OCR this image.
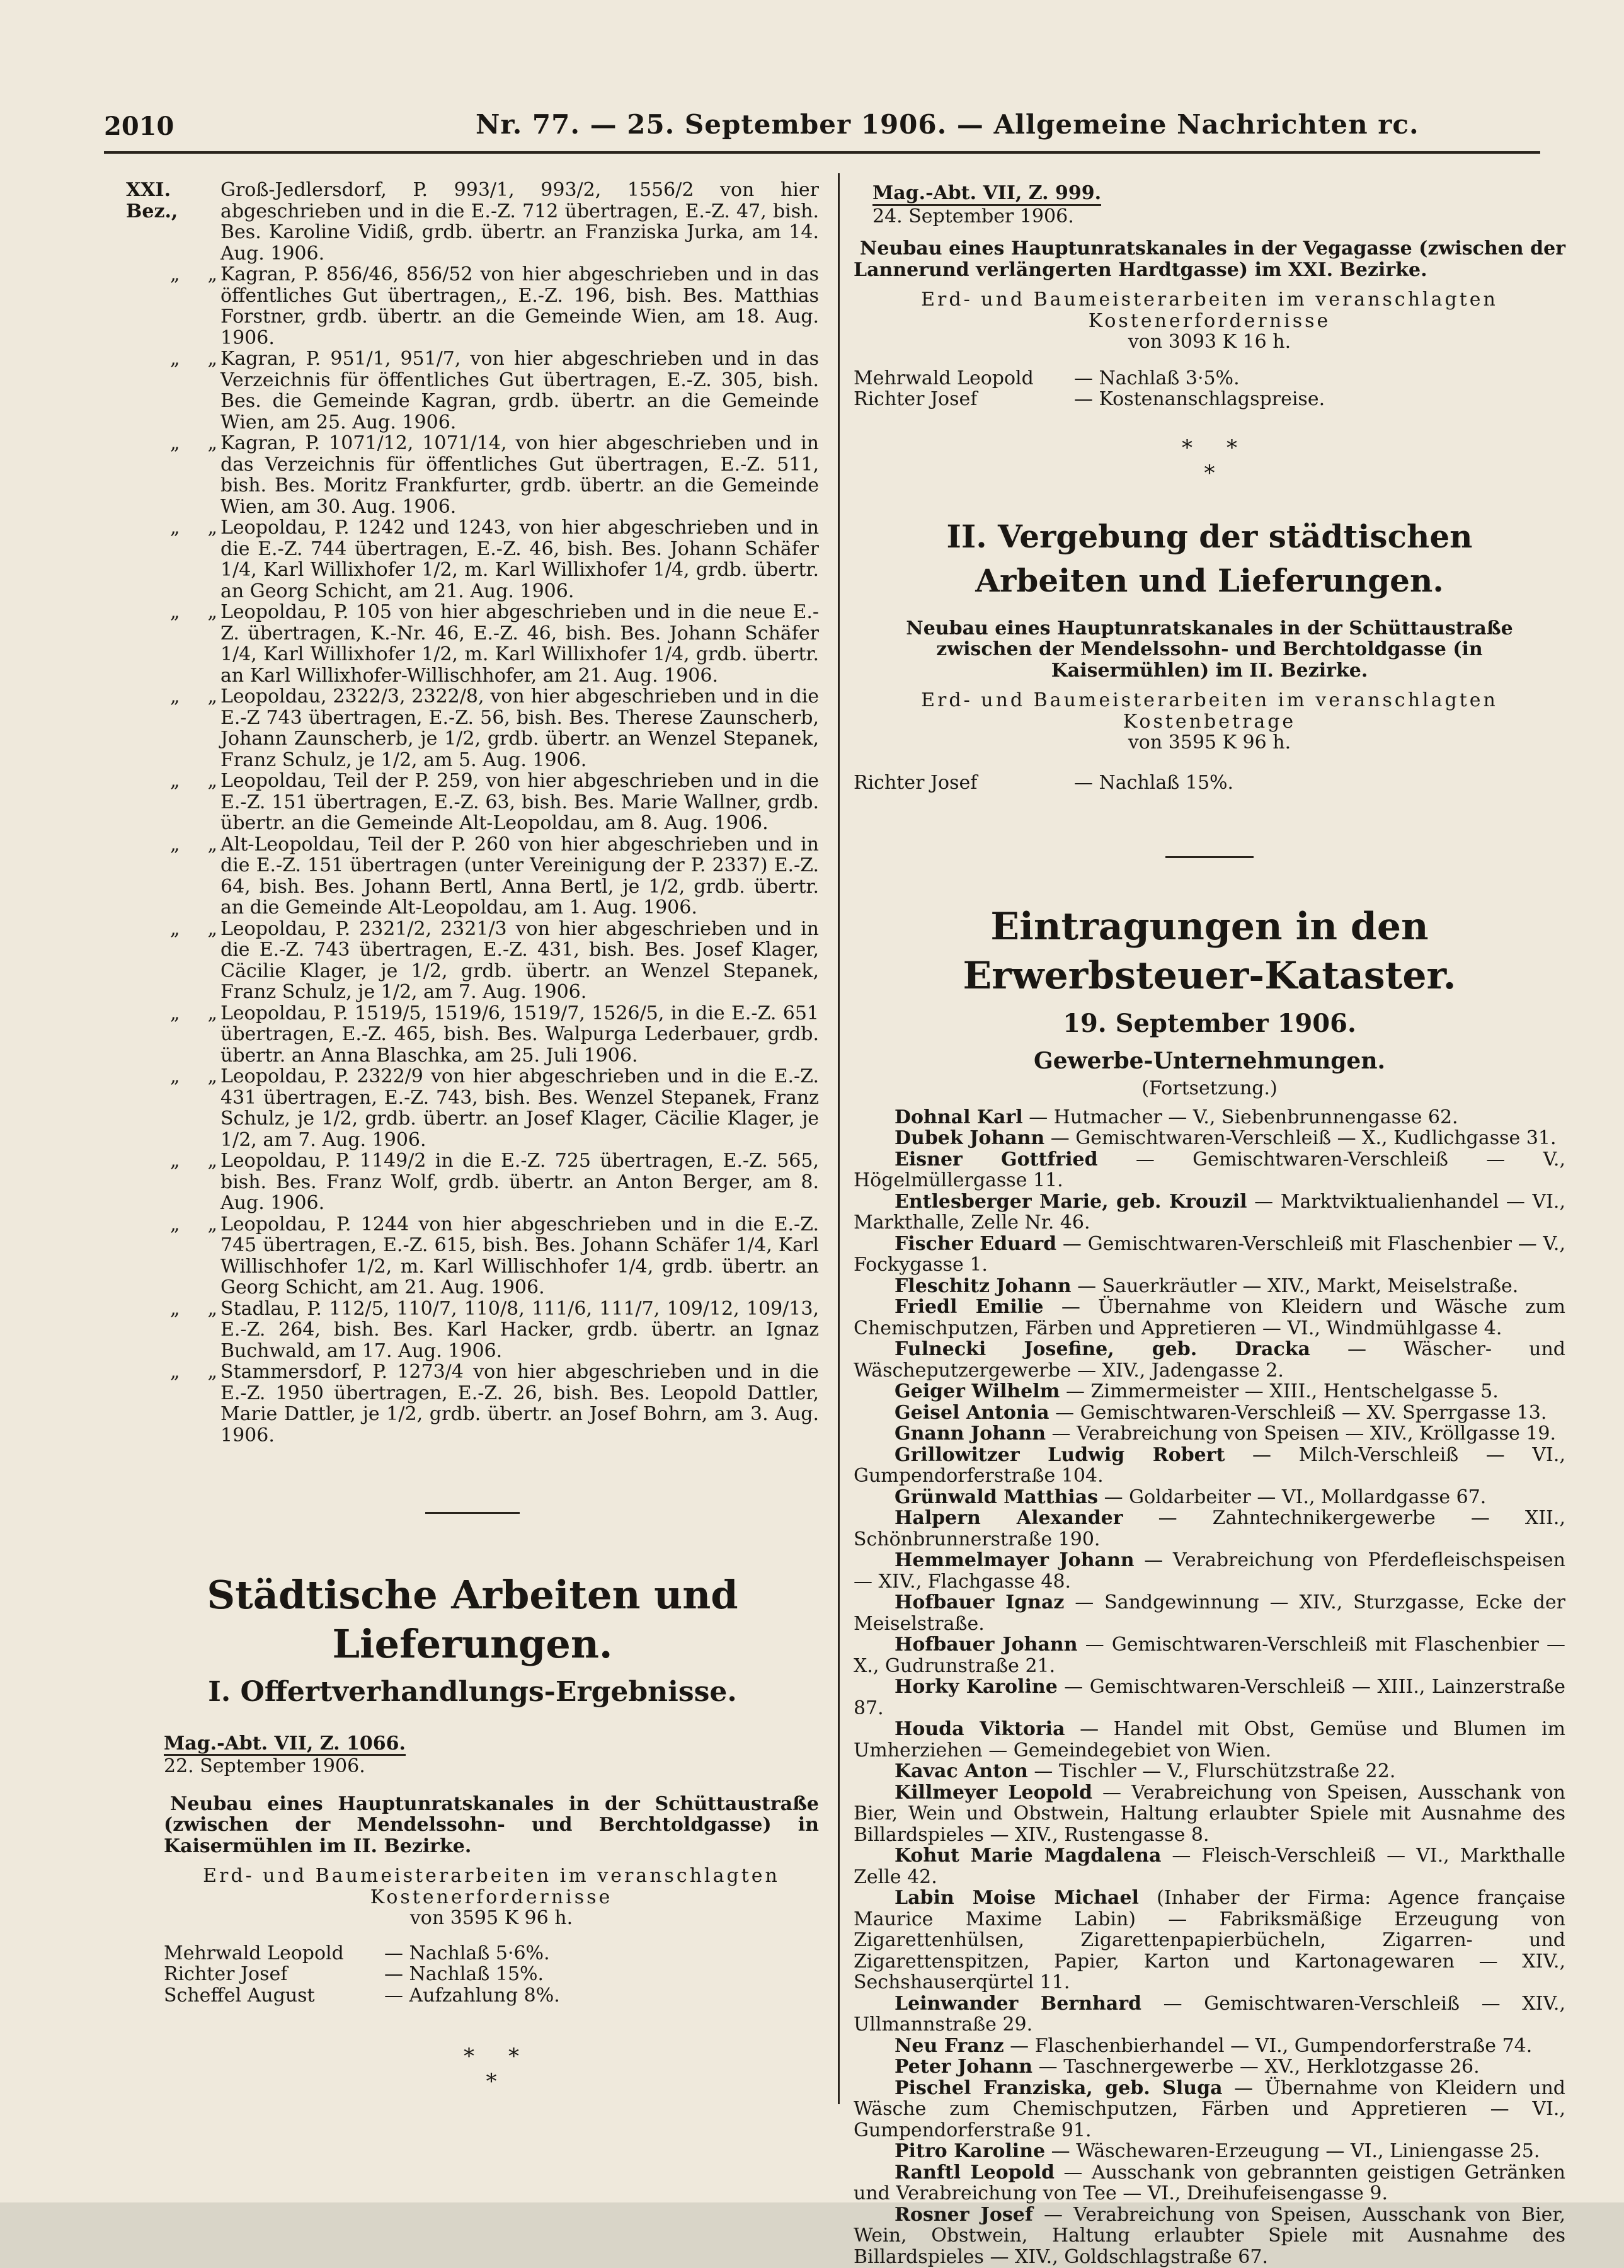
2010	Nr. 77. — 25. September 1906. — Allgemeine Nachrichten rc.
XXI. Bez.,
Groß-Jedlersdorf, P. 993/1, 993/2, 1556/2 von hier abgeschrieben und in die E.-Z. 712 übertragen, E.-Z. 47, bish. Bes. Karoline Vidiß, grdb. übertr. an Franziska Jurka, am 14. Aug. 1906.
„ „ Kagran, P. 856/46, 856/52 von hier abgeschrieben und in das öffentliches Gut übertragen,, E.-Z. 196, bish. Bes. Matthias Forstner, grdb. übertr. an die Gemeinde Wien, am 18. Aug. 1906.
„ „ Kagran, P. 951/1, 951/7, von hier abgeschrieben und in das Verzeichnis für öffentliches Gut übertragen, E.-Z. 305, bish. Bes. die Gemeinde Kagran, grdb. übertr. an die Gemeinde Wien, am 25. Aug. 1906.
„ „ Kagran, P. 1071/12, 1071/14, von hier abgeschrieben und in das Verzeichnis für öffentliches Gut übertragen, E.-Z. 511, bish. Bes. Moritz Frankfurter, grdb. übertr. an die Gemeinde Wien, am 30. Aug. 1906.
„ „ Leopoldau, P. 1242 und 1243, von hier abgeschrieben und in die E.-Z. 744 übertragen, E.-Z. 46, bish. Bes. Johann Schäfer 1/4, Karl Willixhofer 1/2, m. Karl Willixhofer 1/4, grdb. übertr. an Georg Schicht, am 21. Aug. 1906.
„ „ Leopoldau, P. 105 von hier abgeschrieben und in die neue E.-Z. übertragen, K.-Nr. 46, E.-Z. 46, bish. Bes. Johann Schäfer 1/4, Karl Willixhofer 1/2, m. Karl Willixhofer 1/4, grdb. übertr. an Karl Willixhofer-Willischhofer, am 21. Aug. 1906.
„ „ Leopoldau, 2322/3, 2322/8, von hier abgeschrieben und in die E.-Z 743 übertragen, E.-Z. 56, bish. Bes. Therese Zaunscherb, Johann Zaunscherb, je 1/2, grdb. übertr. an Wenzel Stepanek, Franz Schulz, je 1/2, am 5. Aug. 1906.
„ „ Leopoldau, Teil der P. 259, von hier abgeschrieben und in die E.-Z. 151 übertragen, E.-Z. 63, bish. Bes. Marie Wallner, grdb. übertr. an die Gemeinde Alt-Leopoldau, am 8. Aug. 1906.
„ „ Alt-Leopoldau, Teil der P. 260 von hier abgeschrieben und in die E.-Z. 151 übertragen (unter Vereinigung der P. 2337) E.-Z. 64, bish. Bes. Johann Bertl, Anna Bertl, je 1/2, grdb. übertr. an die Gemeinde Alt-Leopoldau, am 1. Aug. 1906.
„ „ Leopoldau, P. 2321/2, 2321/3 von hier abgeschrieben und in die E.-Z. 743 übertragen, E.-Z. 431, bish. Bes. Josef Klager, Cäcilie Klager, je 1/2, grdb. übertr. an Wenzel Stepanek, Franz Schulz, je 1/2, am 7. Aug. 1906.
„ „ Leopoldau, P. 1519/5, 1519/6, 1519/7, 1526/5, in die E.-Z. 651 übertragen, E.-Z. 465, bish. Bes. Walpurga Lederbauer, grdb. übertr. an Anna Blaschka, am 25. Juli 1906.
„ „ Leopoldau, P. 2322/9 von hier abgeschrieben und in die E.-Z. 431 übertragen, E.-Z. 743, bish. Bes. Wenzel Stepanek, Franz Schulz, je 1/2, grdb. übertr. an Josef Klager, Cäcilie Klager, je 1/2, am 7. Aug. 1906.
„ „ Leopoldau, P. 1149/2 in die E.-Z. 725 übertragen, E.-Z. 565, bish. Bes. Franz Wolf, grdb. übertr. an Anton Berger, am 8. Aug. 1906.
„ „ Leopoldau, P. 1244 von hier abgeschrieben und in die E.-Z. 745 übertragen, E.-Z. 615, bish. Bes. Johann Schäfer 1/4, Karl Willischhofer 1/2, m. Karl Willischhofer 1/4, grdb. übertr. an Georg Schicht, am 21. Aug. 1906.
„ „ Stadlau, P. 112/5, 110/7, 110/8, 111/6, 111/7, 109/12, 109/13, E.-Z. 264, bish. Bes. Karl Hacker, grdb. übertr. an Ignaz Buchwald, am 17. Aug. 1906.
„ „ Stammersdorf, P. 1273/4 von hier abgeschrieben und in die E.-Z. 1950 übertragen, E.-Z. 26, bish. Bes. Leopold Dattler, Marie Dattler, je 1/2, grdb. übertr. an Josef Bohrn, am 3. Aug. 1906.
Städtische Arbeiten und Lieferungen.
I. Offertverhandlungs-Ergebnisse.
Mag.-Abt. VII, Z. 1066.
22. September 1906.
Neubau eines Hauptunratskanales in der Schüttaustraße (zwischen der Mendelssohn- und Berchtoldgasse) in Kaisermühlen im II. Bezirke.
Erd- und Baumeisterarbeiten im veranschlagten Kostenerfordernisse
von 3595 K 96 h.
Mehrwald Leopold	— Nachlaß 5·6%.
Richter Josef	— Nachlaß 15%.
Scheffel August	— Aufzahlung 8%.
*     *
*
Mag.-Abt. VII, Z. 999.
24. September 1906.
Neubau eines Hauptunratskanales in der Vegagasse (zwischen der Lannerund verlängerten Hardtgasse) im XXI. Bezirke.
Erd- und Baumeisterarbeiten im veranschlagten Kostenerfordernisse
von 3093 K 16 h.
Mehrwald Leopold	— Nachlaß 3·5%.
Richter Josef	— Kostenanschlagspreise.
*     *
*
II. Vergebung der städtischen Arbeiten und Lieferungen.
Neubau eines Hauptunratskanales in der Schüttaustraße zwischen der Mendelssohn- und Berchtoldgasse (in Kaisermühlen) im II. Bezirke.
Erd- und Baumeisterarbeiten im veranschlagten Kostenbetrage
von 3595 K 96 h.
Richter Josef	— Nachlaß 15%.
Eintragungen in den Erwerbsteuer-Kataster.
19. September 1906.
Gewerbe-Unternehmungen.
(Fortsetzung.)

Dohnal Karl — Hutmacher — V., Siebenbrunnengasse 62.

Dubek Johann — Gemischtwaren-Verschleiß — X., Kudlichgasse 31.

Eisner Gottfried — Gemischtwaren-Verschleiß — V., Högelmüllergasse 11.

Entlesberger Marie, geb. Krouzil — Marktviktualienhandel — VI., Markthalle, Zelle Nr. 46.

Fischer Eduard — Gemischtwaren-Verschleiß mit Flaschenbier — V., Fockygasse 1.

Fleschitz Johann — Sauerkräutler — XIV., Markt, Meiselstraße.

Friedl Emilie — Übernahme von Kleidern und Wäsche zum Chemischputzen, Färben und Appretieren — VI., Windmühlgasse 4.

Fulnecki Josefine, geb. Dracka — Wäscher- und Wäscheputzergewerbe — XIV., Jadengasse 2.

Geiger Wilhelm — Zimmermeister — XIII., Hentschelgasse 5.

Geisel Antonia — Gemischtwaren-Verschleiß — XV. Sperrgasse 13.

Gnann Johann — Verabreichung von Speisen — XIV., Kröllgasse 19.

Grillowitzer Ludwig Robert — Milch-Verschleiß — VI., Gumpendorferstraße 104.

Grünwald Matthias — Goldarbeiter — VI., Mollardgasse 67.

Halpern Alexander — Zahntechnikergewerbe — XII., Schönbrunnerstraße 190.

Hemmelmayer Johann — Verabreichung von Pferdefleischspeisen — XIV., Flachgasse 48.

Hofbauer Ignaz — Sandgewinnung — XIV., Sturzgasse, Ecke der Meiselstraße.

Hofbauer Johann — Gemischtwaren-Verschleiß mit Flaschenbier — X., Gudrunstraße 21.

Horky Karoline — Gemischtwaren-Verschleiß — XIII., Lainzerstraße 87.

Houda Viktoria — Handel mit Obst, Gemüse und Blumen im Umherziehen — Gemeindegebiet von Wien.

Kavac Anton — Tischler — V., Flurschützstraße 22.

Killmeyer Leopold — Verabreichung von Speisen, Ausschank von Bier, Wein und Obstwein, Haltung erlaubter Spiele mit Ausnahme des Billardspieles — XIV., Rustengasse 8.

Kohut Marie Magdalena — Fleisch-Verschleiß — VI., Markthalle Zelle 42.

Labin Moise Michael (Inhaber der Firma: Agence française Maurice Maxime Labin) — Fabriksmäßige Erzeugung von Zigarettenhülsen, Zigarettenpapierbücheln, Zigarren- und Zigarettenspitzen, Papier, Karton und Kartonagewaren — XIV., Sechshauserqürtel 11.

Leinwander Bernhard — Gemischtwaren-Verschleiß — XIV., Ullmannstraße 29.

Neu Franz — Flaschenbierhandel — VI., Gumpendorferstraße 74.

Peter Johann — Taschnergewerbe — XV., Herklotzgasse 26.

Pischel Franziska, geb. Sluga — Übernahme von Kleidern und Wäsche zum Chemischputzen, Färben und Appretieren — VI., Gumpendorferstraße 91.

Pitro Karoline — Wäschewaren-Erzeugung — VI., Liniengasse 25.

Ranftl Leopold — Ausschank von gebrannten geistigen Getränken und Verabreichung von Tee — VI., Dreihufeisengasse 9.

Rosner Josef — Verabreichung von Speisen, Ausschank von Bier, Wein, Obstwein, Haltung erlaubter Spiele mit Ausnahme des Billardspieles — XIV., Goldschlagstraße 67.
